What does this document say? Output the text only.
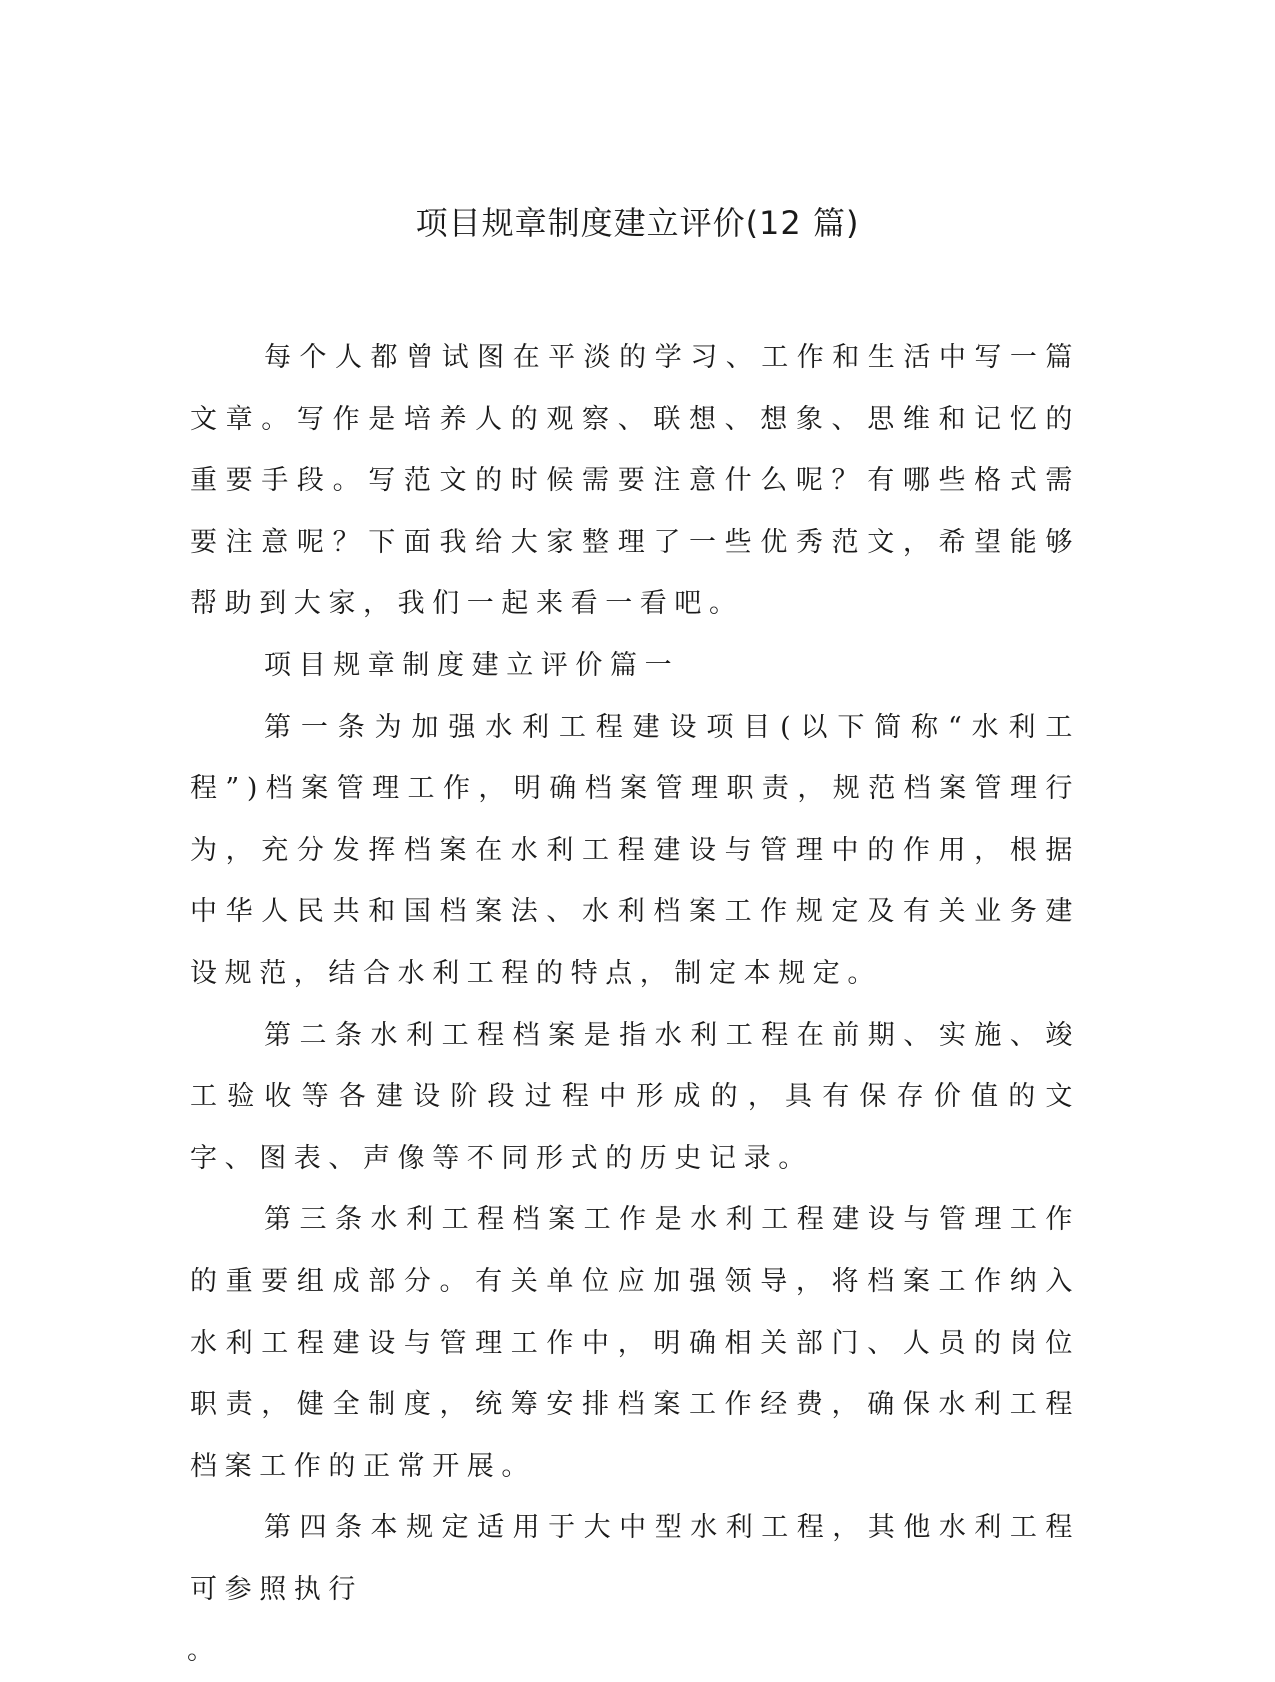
项目规章制度建立评价(12 篇)

每个人都曾试图在平淡的学习、工作和生活中写一篇文章。写作是培养人的观察、联想、想象、思维和记忆的重要手段。写范文的时候需要注意什么呢？有哪些格式需要注意呢？下面我给大家整理了一些优秀范文，希望能够帮助到大家，我们一起来看一看吧。

项目规章制度建立评价篇一

第一条为加强水利工程建设项目(以下简称“水利工程”)档案管理工作，明确档案管理职责，规范档案管理行为，充分发挥档案在水利工程建设与管理中的作用，根据中华人民共和国档案法、水利档案工作规定及有关业务建设规范，结合水利工程的特点，制定本规定。

第二条水利工程档案是指水利工程在前期、实施、竣工验收等各建设阶段过程中形成的，具有保存价值的文字、图表、声像等不同形式的历史记录。

第三条水利工程档案工作是水利工程建设与管理工作的重要组成部分。有关单位应加强领导，将档案工作纳入水利工程建设与管理工作中，明确相关部门、人员的岗位职责，健全制度，统筹安排档案工作经费，确保水利工程档案工作的正常开展。

第四条本规定适用于大中型水利工程，其他水利工程可参照执行

。
